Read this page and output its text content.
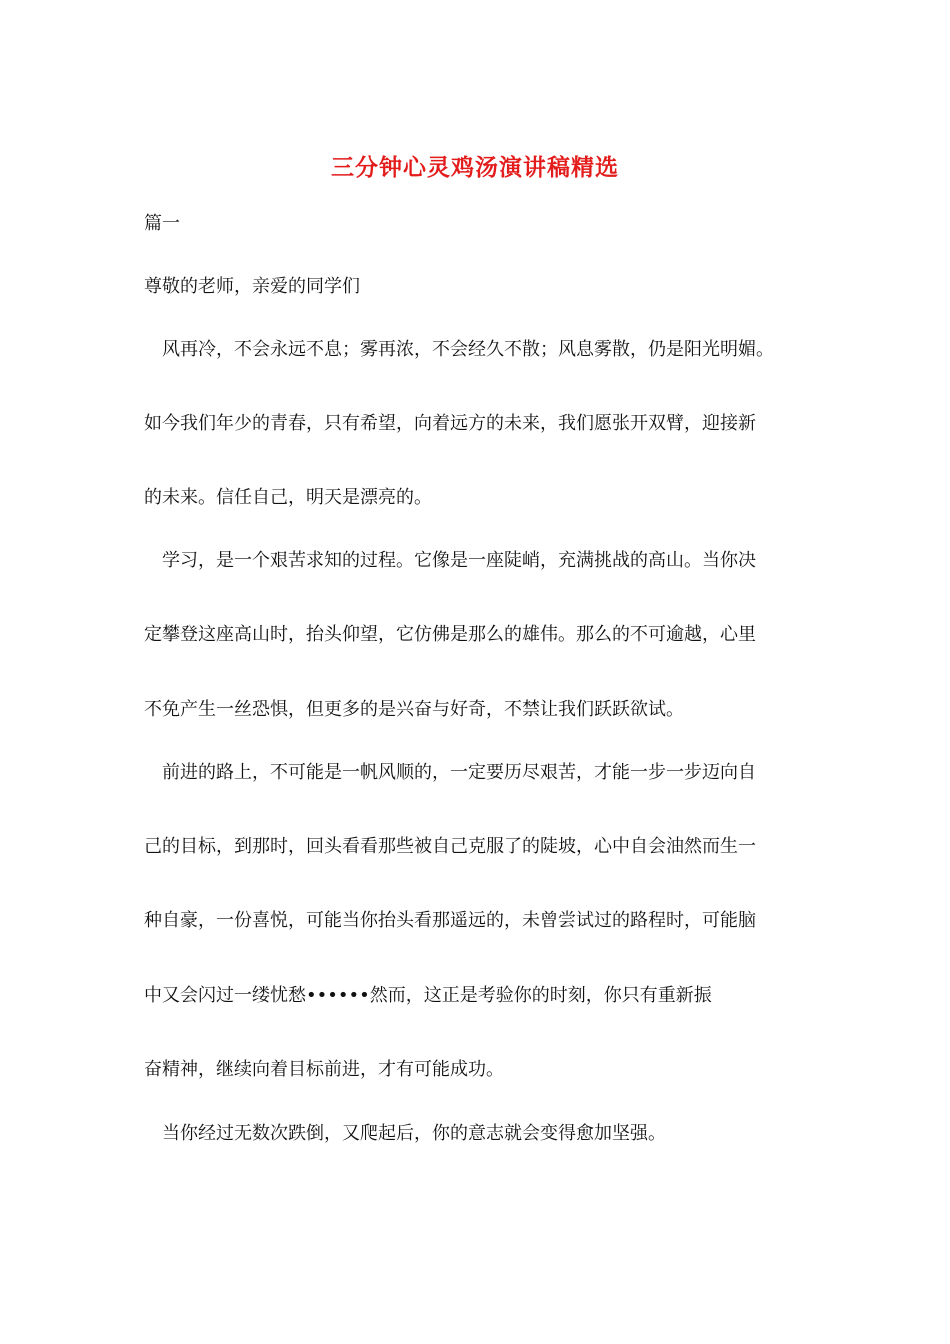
三分钟心灵鸡汤演讲稿精选
篇一
尊敬的老师，亲爱的同学们
　风再冷，不会永远不息；雾再浓，不会经久不散；风息雾散，仍是阳光明媚。
如今我们年少的青春，只有希望，向着远方的未来，我们愿张开双臂，迎接新
的未来。信任自己，明天是漂亮的。
　学习，是一个艰苦求知的过程。它像是一座陡峭，充满挑战的高山。当你决
定攀登这座高山时，抬头仰望，它仿佛是那么的雄伟。那么的不可逾越，心里
不免产生一丝恐惧，但更多的是兴奋与好奇，不禁让我们跃跃欲试。
　前进的路上，不可能是一帆风顺的，一定要历尽艰苦，才能一步一步迈向自
己的目标，到那时，回头看看那些被自己克服了的陡坡，心中自会油然而生一
种自豪，一份喜悦，可能当你抬头看那遥远的，未曾尝试过的路程时，可能脑
中又会闪过一缕忧愁••••••然而，这正是考验你的时刻，你只有重新振
奋精神，继续向着目标前进，才有可能成功。
　当你经过无数次跌倒，又爬起后，你的意志就会变得愈加坚强。
